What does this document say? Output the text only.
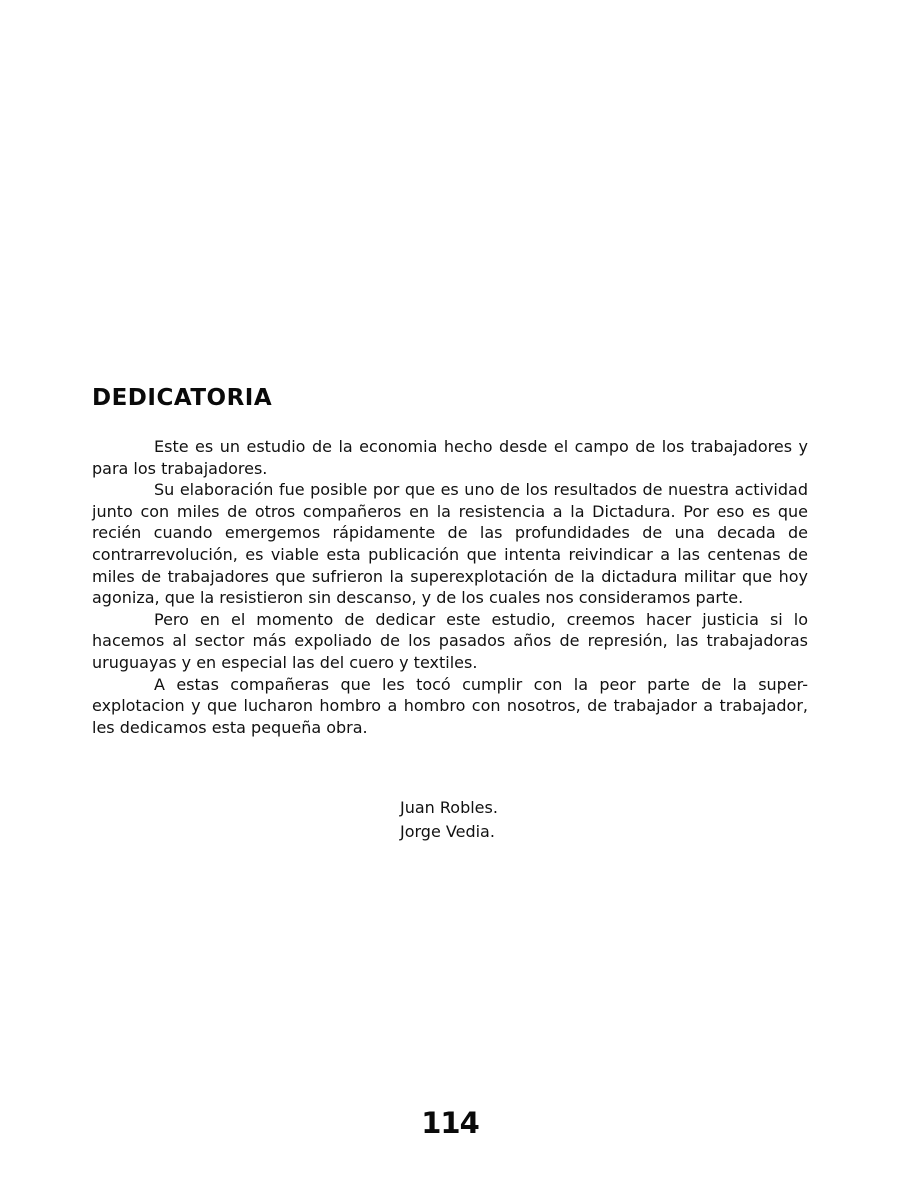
DEDICATORIA

Este es un estudio de la economia hecho desde el campo de los trabajadores y para los trabajadores.

Su elaboración fue posible por que es uno de los resultados de nuestra actividad junto con miles de otros compañeros en la resistencia a la Dictadura. Por eso es que recién cuando emergemos rápidamente de las profundidades de una decada de contrarrevolución, es viable esta publicación que intenta reivindicar a las centenas de miles de trabajadores que sufrieron la superexplotación de la dictadura militar que hoy agoniza, que la resistieron sin descanso, y de los cuales nos consideramos parte.

Pero en el momento de dedicar este estudio, creemos hacer justicia si lo hacemos al sector más expoliado de los pasados años de represión, las trabajadoras uruguayas y en especial las del cuero y textiles.

A estas compañeras que les tocó cumplir con la peor parte de la super-explotacion y que lucharon hombro a hombro con nosotros, de trabajador a trabajador, les dedicamos esta pequeña obra.

Juan Robles.
Jorge Vedia.
114
